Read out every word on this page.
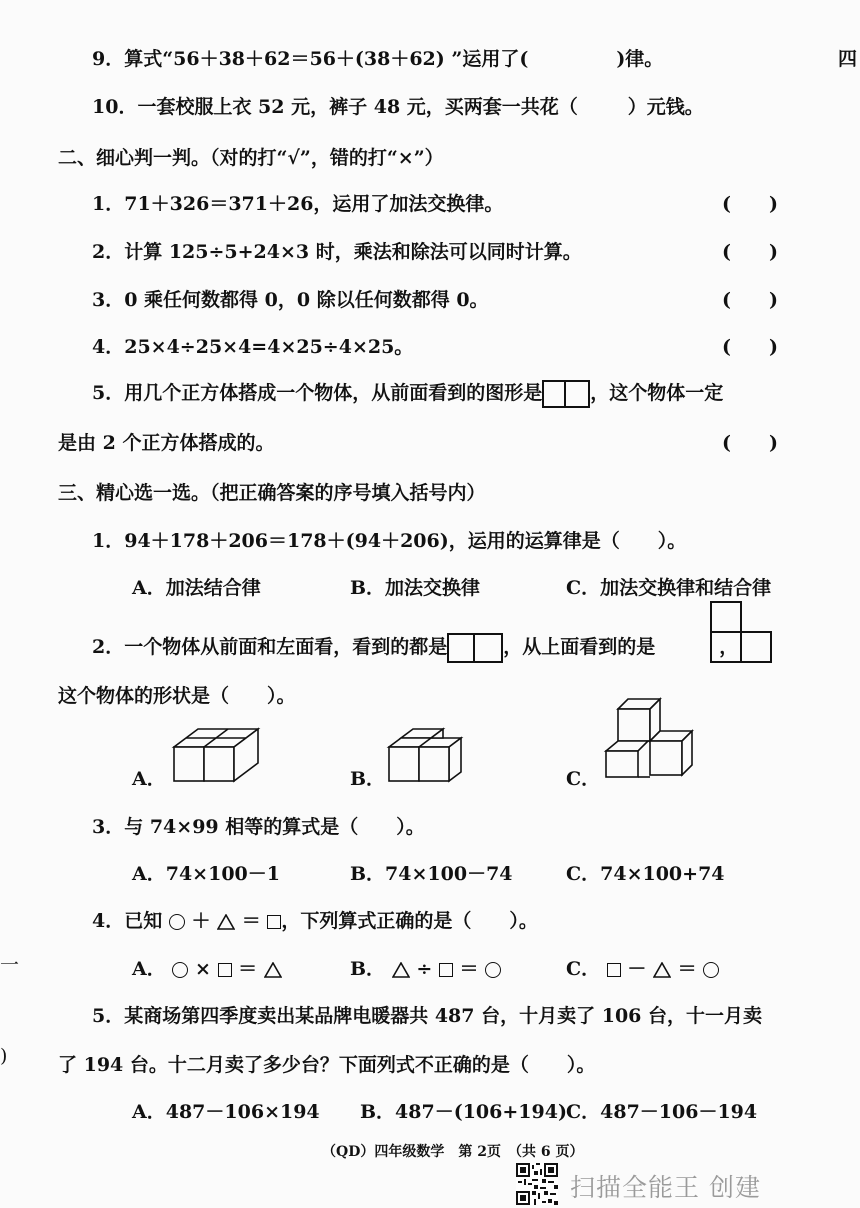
四
一
)
9．算式“56＋38＋62＝56＋(38＋62) ”运用了(	)律。
10．一套校服上衣 52 元，裤子 48 元，买两套一共花（	）元钱。
二、细心判一判。（对的打“√”，错的打“×”）
1．71＋326＝371＋26，运用了加法交换律。	(　　)
2．计算 125÷5+24×3 时，乘法和除法可以同时计算。	(　　)
3．0 乘任何数都得 0，0 除以任何数都得 0。	(　　)
4．25×4÷25×4=4×25÷4×25。	(　　)
5．用几个正方体搭成一个物体，从前面看到的图形是	，这个物体一定
是由 2 个正方体搭成的。	(　　)
三、精心选一选。（把正确答案的序号填入括号内）
1．94＋178＋206＝178＋(94＋206)，运用的运算律是（　　）。
A．加法结合律	B．加法交换律	C．加法交换律和结合律
2．一个物体从前面和左面看，看到的都是	，从上面看到的是	，
这个物体的形状是（　　）。
A．	B．	C．
3．与 74×99 相等的算式是（　　）。
A．74×100－1	B．74×100－74	C．74×100+74
4．已知 ＋ ＝ ，下列算式正确的是（　　）。
A． × ＝	B． ÷ ＝	C． － ＝
5．某商场第四季度卖出某品牌电暖器共 487 台，十月卖了 106 台，十一月卖
了 194 台。十二月卖了多少台？下面列式不正确的是（　　）。
A．487－106×194 B．487－(106+194) C．487－106－194
（QD）四年级数学　第 2页　（共 6 页）
扫描全能王 创建
